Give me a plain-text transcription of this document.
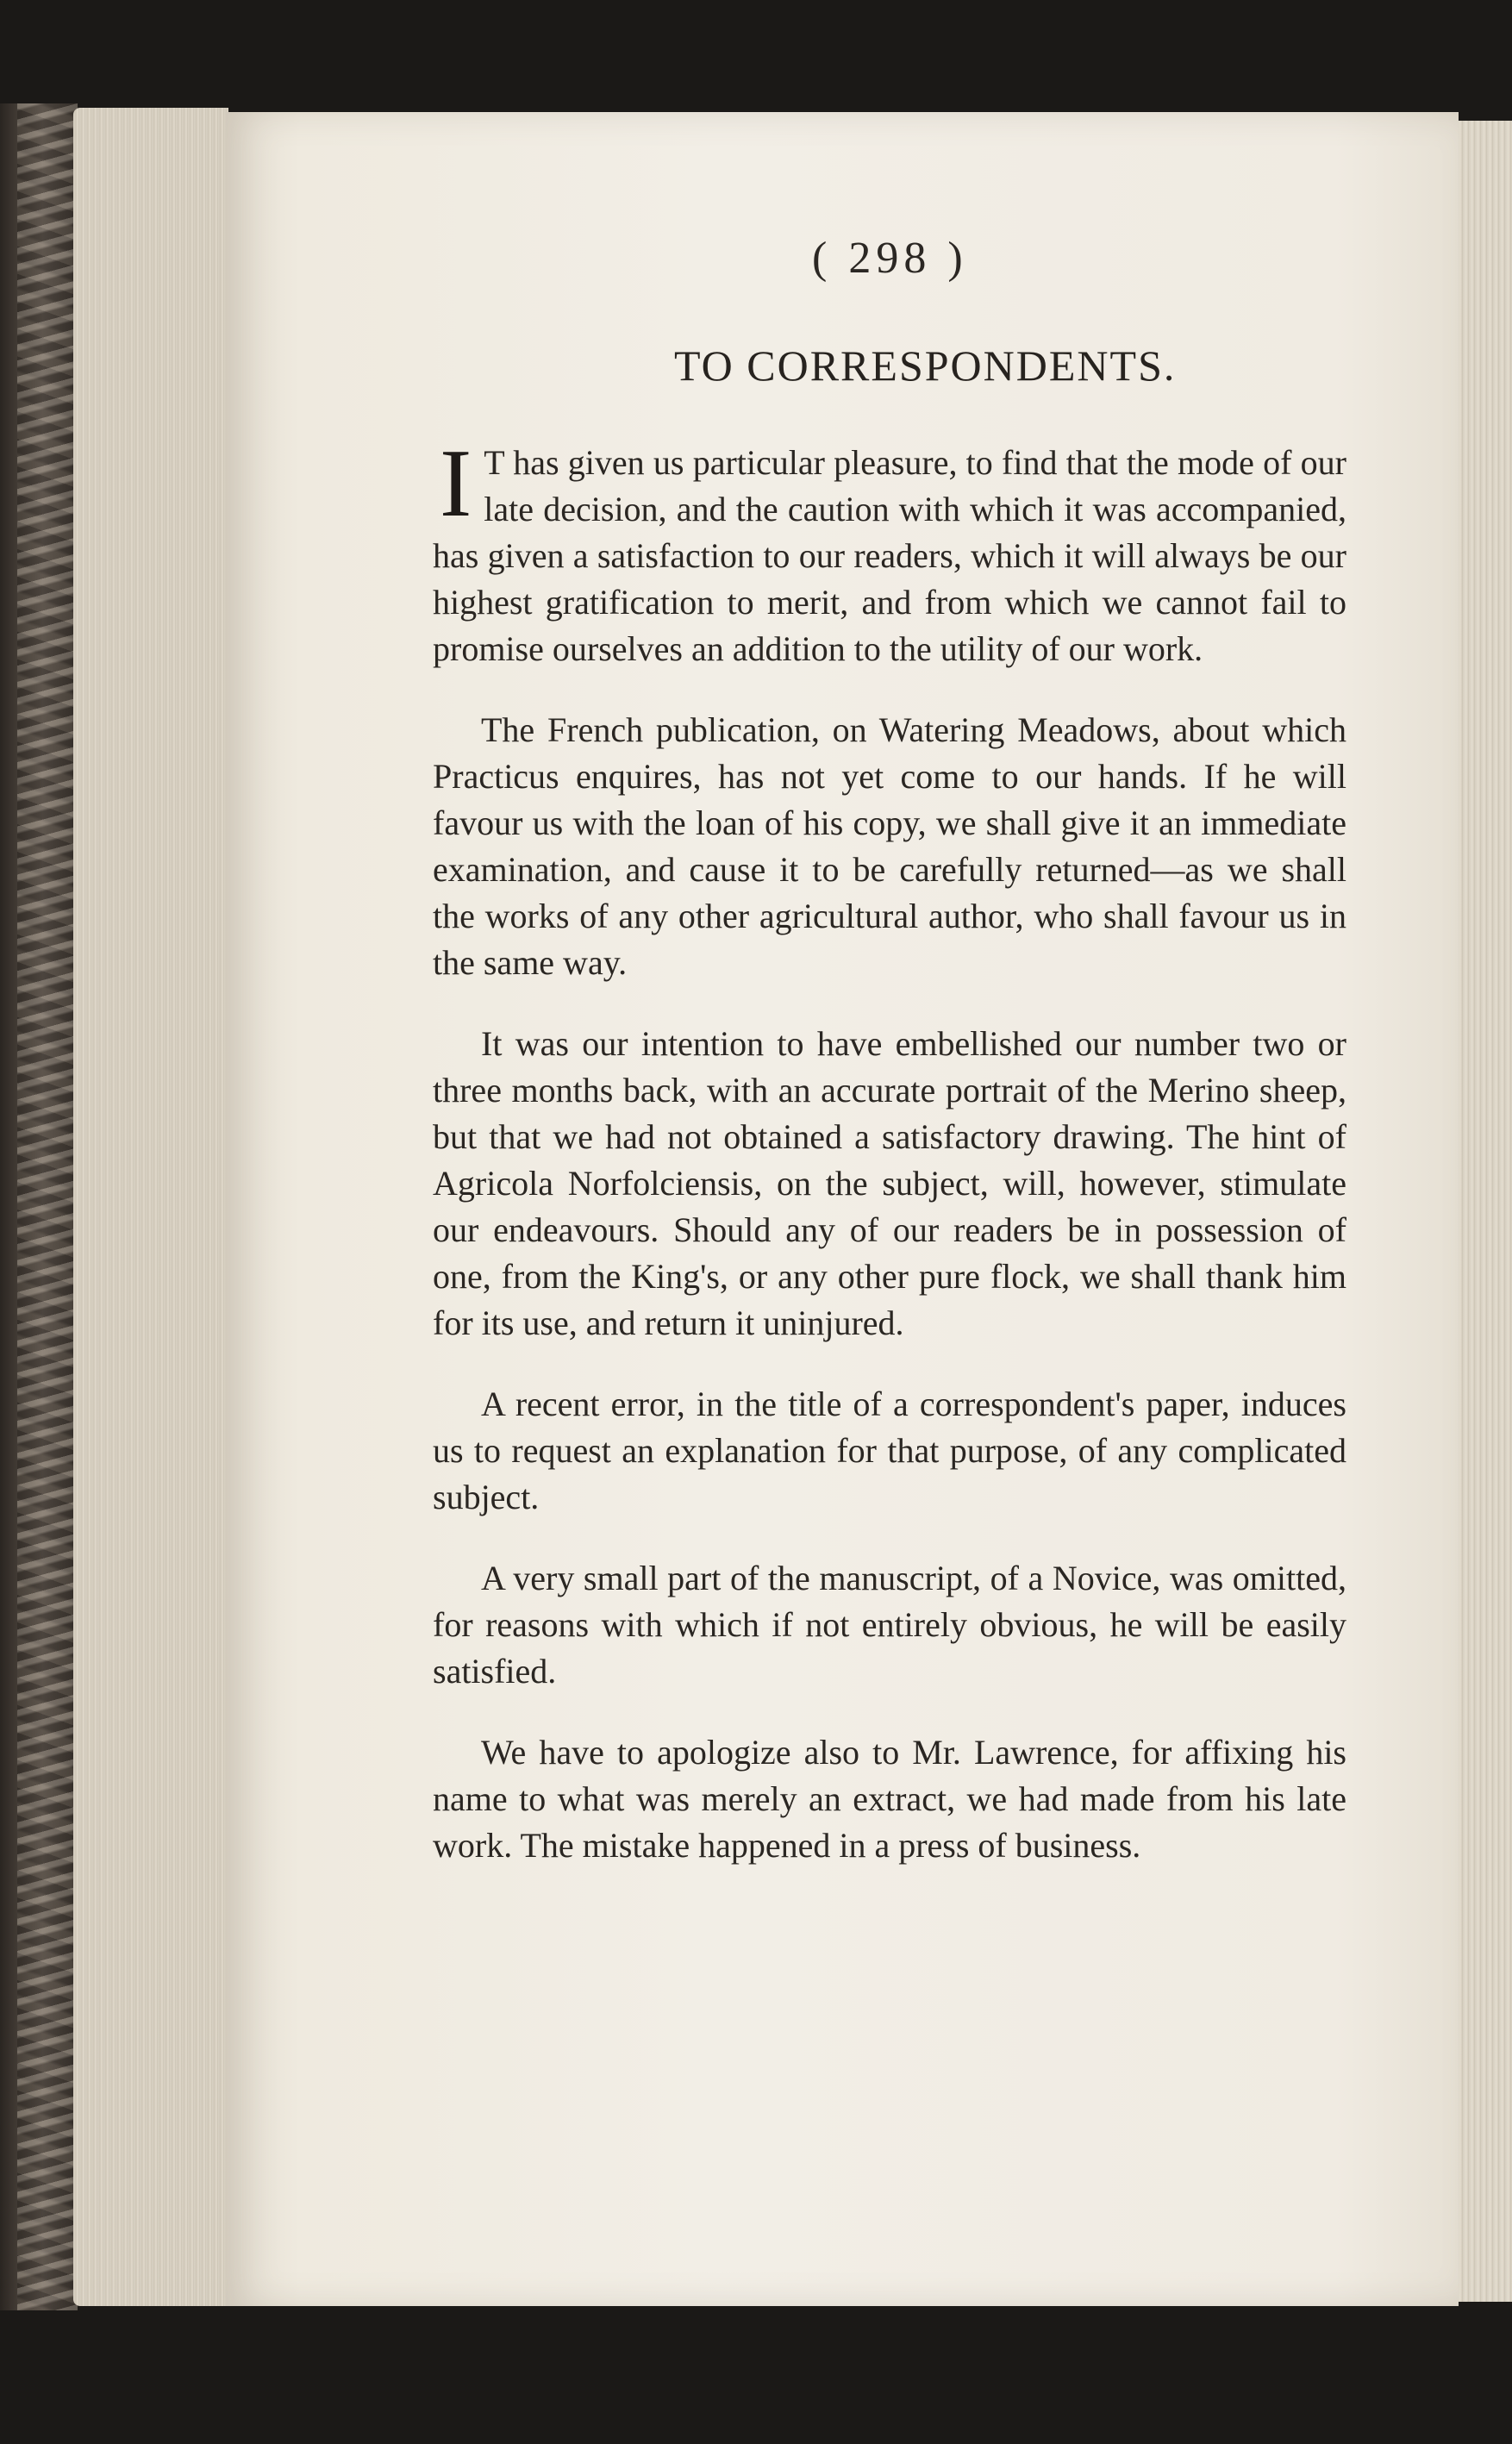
( 298 )
TO CORRESPONDENTS.

I T has given us particular pleasure, to find that the mode of our late decision, and the caution with which it was accompanied, has given a satisfaction to our readers, which it will always be our highest gratification to merit, and from which we cannot fail to promise ourselves an addition to the utility of our work.

The French publication, on Watering Meadows, about which Practicus enquires, has not yet come to our hands. If he will favour us with the loan of his copy, we shall give it an immediate examination, and cause it to be carefully returned—as we shall the works of any other agricultural author, who shall favour us in the same way.

It was our intention to have embellished our number two or three months back, with an accurate portrait of the Merino sheep, but that we had not obtained a satisfactory drawing. The hint of Agricola Norfolciensis, on the subject, will, however, stimulate our endeavours. Should any of our readers be in possession of one, from the King's, or any other pure flock, we shall thank him for its use, and return it uninjured.

A recent error, in the title of a correspondent's paper, induces us to request an explanation for that purpose, of any complicated subject.

A very small part of the manuscript, of a Novice, was omitted, for reasons with which if not entirely obvious, he will be easily satisfied.

We have to apologize also to Mr. Lawrence, for affixing his name to what was merely an extract, we had made from his late work. The mistake happened in a press of business.
